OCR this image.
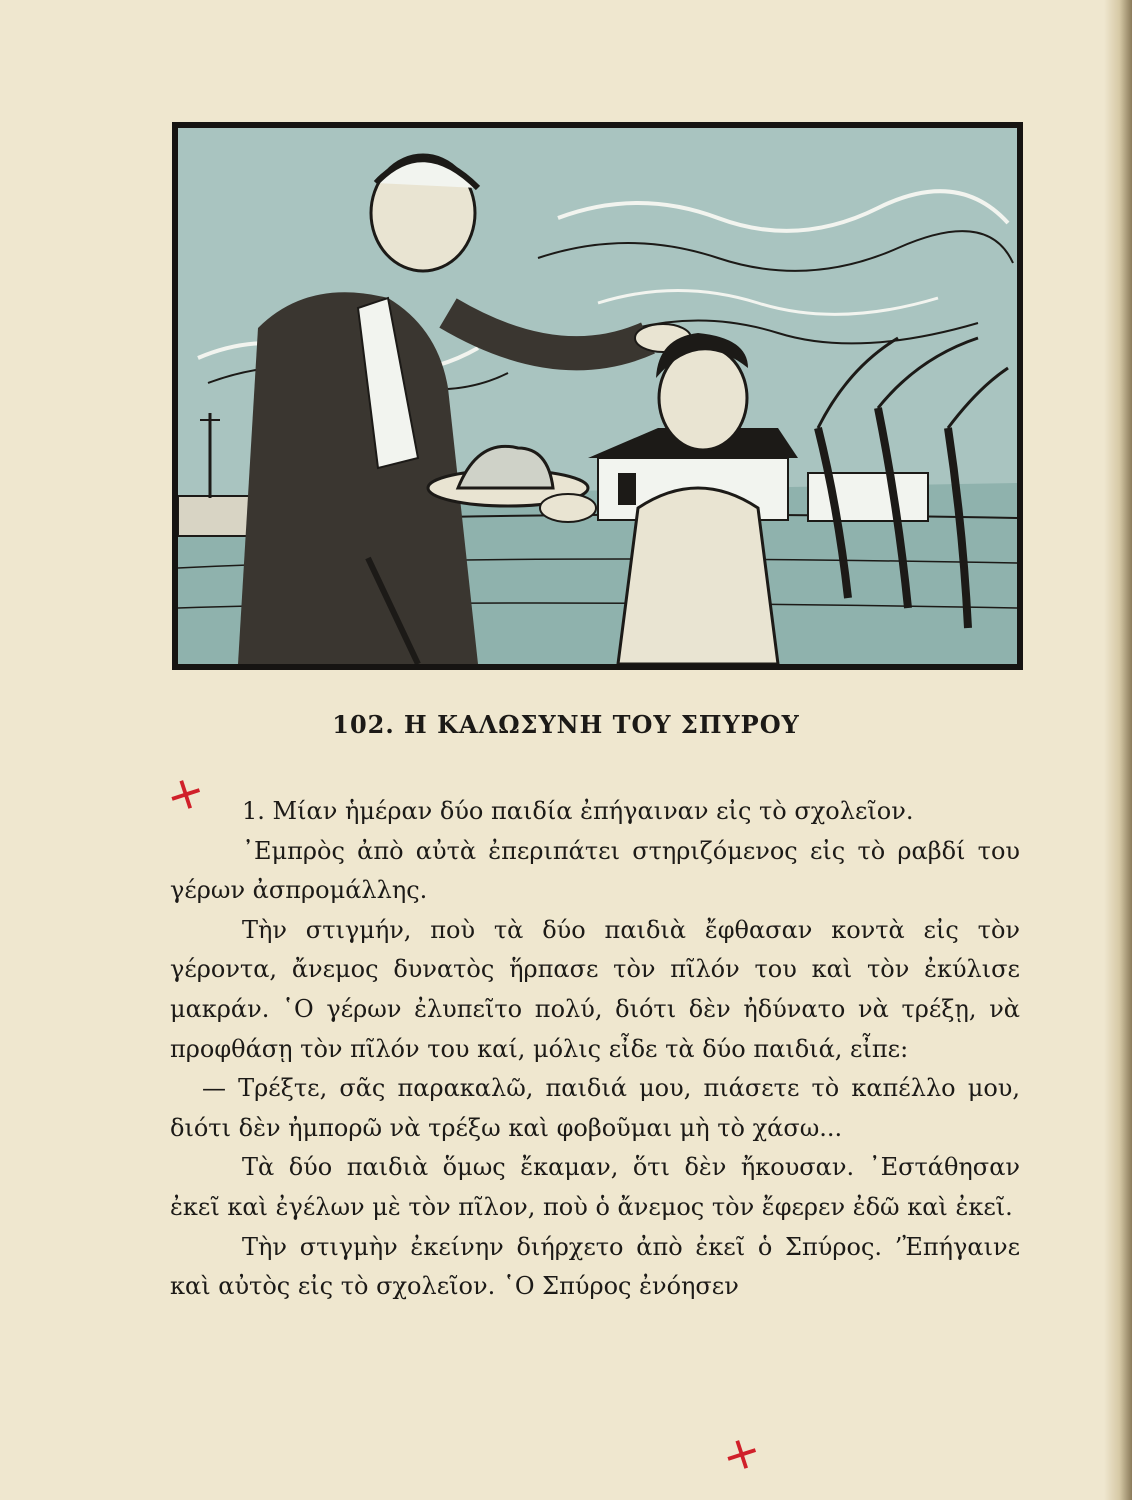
102. Η ΚΑΛΩΣΥΝΗ ΤΟΥ ΣΠΥΡΟΥ

1. Μίαν ἡμέραν δύο παιδία ἐπήγαιναν εἰς τὸ σχολεῖον.

᾿Εμπρὸς ἀπὸ αὐτὰ ἐπεριπάτει στηριζόμενος εἰς τὸ ραβδί του γέρων ἀσπρομάλλης.

Τὴν στιγμήν, ποὺ τὰ δύο παιδιὰ ἔφθασαν κοντὰ εἰς τὸν γέροντα, ἄνεμος δυνατὸς ἥρπασε τὸν πῖλόν του καὶ τὸν ἐκύλισε μακράν. ῾Ο γέρων ἐλυπεῖτο πολύ, διότι δὲν ἠδύνατο νὰ τρέξῃ, νὰ προφθάσῃ τὸν πῖλόν του καί, μόλις εἶδε τὰ δύο παιδιά, εἶπε:

— Τρέξτε, σᾶς παρακαλῶ, παιδιά μου, πιάσετε τὸ καπέλλο μου, διότι δὲν ἠμπορῶ νὰ τρέξω καὶ φοβοῦμαι μὴ τὸ χάσω...

Τὰ δύο παιδιὰ ὅμως ἔκαμαν, ὅτι δὲν ἤκουσαν. ᾿Εστάθησαν ἐκεῖ καὶ ἐγέλων μὲ τὸν πῖλον, ποὺ ὁ ἄνεμος τὸν ἔφερεν ἐδῶ καὶ ἐκεῖ.

Τὴν στιγμὴν ἐκείνην διήρχετο ἀπὸ ἐκεῖ ὁ Σπύρος. ’Ἐπήγαινε καὶ αὐτὸς εἰς τὸ σχολεῖον. ῾Ο Σπύρος ἐνόησεν

+
+
